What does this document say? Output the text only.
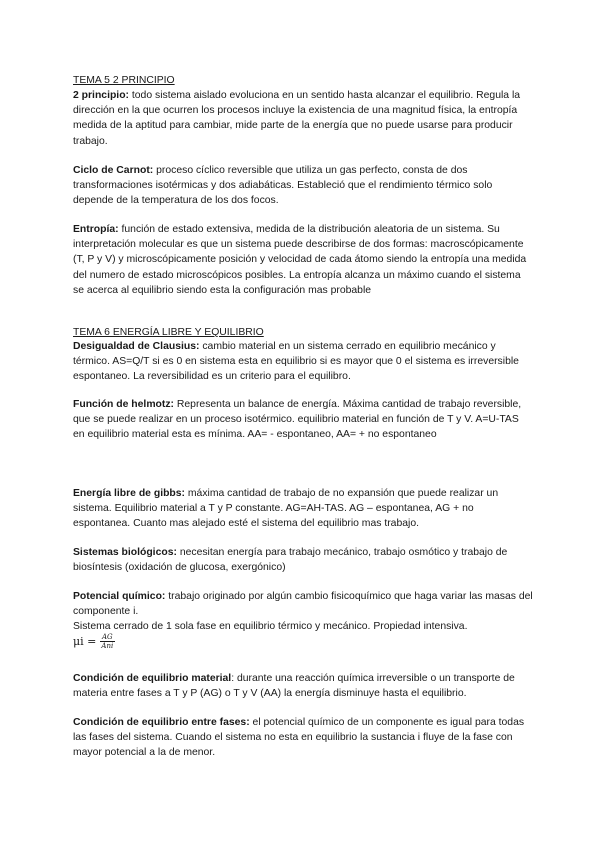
TEMA 5 2 PRINCIPIO

2 principio: todo sistema aislado evoluciona en un sentido hasta alcanzar el equilibrio. Regula la dirección en la que ocurren los procesos incluye la existencia de una magnitud física, la entropía medida de la aptitud para cambiar, mide parte de la energía que no puede usarse para producir trabajo.

Ciclo de Carnot: proceso cíclico reversible que utiliza un gas perfecto, consta de dos transformaciones isotérmicas y dos adiabáticas. Estableció que el rendimiento térmico solo depende de la temperatura de los dos focos.

Entropía: función de estado extensiva, medida de la distribución aleatoria de un sistema. Su interpretación molecular es que un sistema puede describirse de dos formas: macroscópicamente (T, P y V) y microscópicamente posición y velocidad de cada átomo siendo la entropía una medida del numero de estado microscópicos posibles. La entropía alcanza un máximo cuando el sistema se acerca al equilibrio siendo esta la configuración mas probable

TEMA 6 ENERGÍA LIBRE Y EQUILIBRIO

Desigualdad de Clausius: cambio material en un sistema cerrado en equilibrio mecánico y térmico. AS=Q/T si es 0 en sistema esta en equilibrio si es mayor que 0 el sistema es irreversible espontaneo. La reversibilidad es un criterio para el equilibro.

Función de helmotz: Representa un balance de energía. Máxima cantidad de trabajo reversible, que se puede realizar en un proceso isotérmico. equilibrio material en función de T y V. A=U-TAS en equilibrio material esta es mínima. AA= - espontaneo, AA= + no espontaneo

Energía libre de gibbs: máxima cantidad de trabajo de no expansión que puede realizar un sistema. Equilibrio material a T y P constante. AG=AH-TAS. AG – espontanea, AG + no espontanea. Cuanto mas alejado esté el sistema del equilibrio mas trabajo.

Sistemas biológicos: necesitan energía para trabajo mecánico, trabajo osmótico y trabajo de biosíntesis (oxidación de glucosa, exergónico)

Potencial químico: trabajo originado por algún cambio fisicoquímico que haga variar las masas del componente i.

Sistema cerrado de 1 sola fase en equilibrio térmico y mecánico. Propiedad intensiva.

$\mu i = \frac{AG}{\text{Ani}}$

Condición de equilibrio material: durante una reacción química irreversible o un transporte de materia entre fases a T y P (AG) o T y V (AA) la energía disminuye hasta el equilibrio.

Condición de equilibrio entre fases: el potencial químico de un componente es igual para todas las fases del sistema. Cuando el sistema no esta en equilibrio la sustancia i fluye de la fase con mayor potencial a la de menor.
